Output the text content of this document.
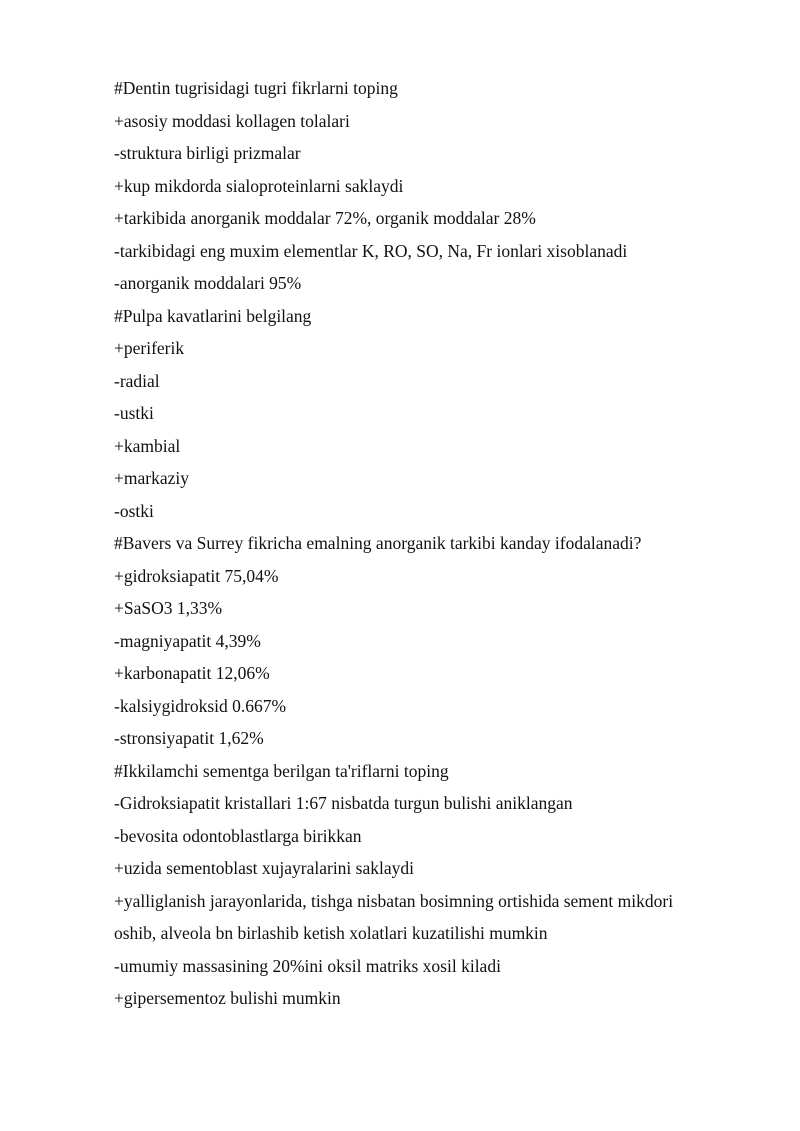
#Dentin tugrisidagi tugri fikrlarni toping
+asosiy moddasi kollagen tolalari
-struktura birligi prizmalar
+kup mikdorda sialoproteinlarni saklaydi
+tarkibida anorganik moddalar 72%, organik moddalar 28%
-tarkibidagi eng muxim elementlar K, RO, SO, Na, Fr ionlari xisoblanadi
-anorganik moddalari 95%
#Pulpa kavatlarini belgilang
+periferik
-radial
-ustki
+kambial
+markaziy
-ostki
#Bavers va Surrey fikricha emalning anorganik tarkibi kanday ifodalanadi?
+gidroksiapatit 75,04%
+SaSO3 1,33%
-magniyapatit 4,39%
+karbonapatit 12,06%
-kalsiygidroksid 0.667%
-stronsiyapatit 1,62%
#Ikkilamchi sementga berilgan ta'riflarni toping
-Gidroksiapatit kristallari 1:67 nisbatda turgun bulishi aniklangan
-bevosita odontoblastlarga birikkan
+uzida sementoblast xujayralarini saklaydi
+yalliglanish jarayonlarida, tishga nisbatan bosimning ortishida sement mikdori
oshib, alveola bn birlashib ketish xolatlari kuzatilishi mumkin
-umumiy massasining 20%ini oksil matriks xosil kiladi
+gipersementoz bulishi mumkin
